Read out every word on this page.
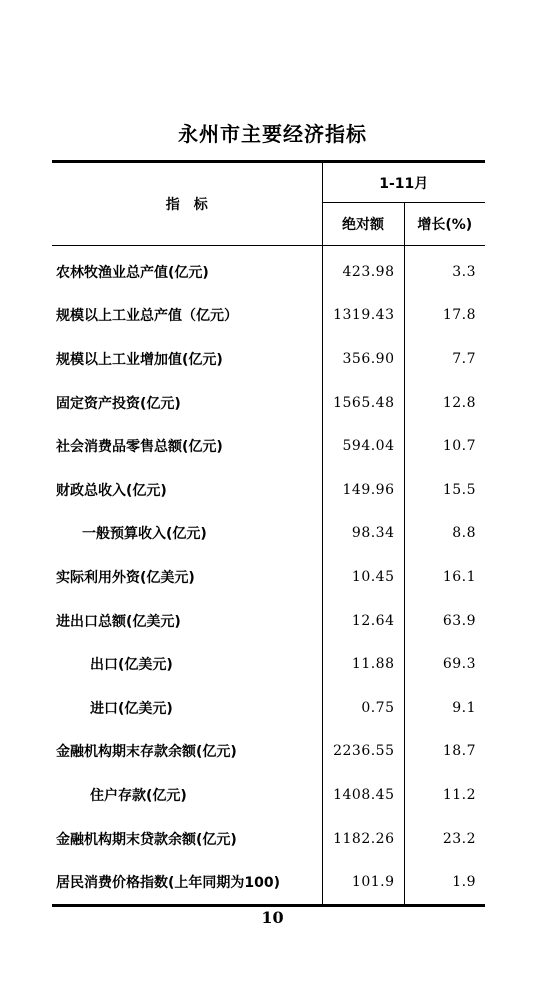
永州市主要经济指标
指　标	1-11月	
	绝对额	增长(%)
农林牧渔业总产值(亿元)	423.98	3.3
规模以上工业总产值（亿元）	1319.43	17.8
规模以上工业增加值(亿元)	356.90	7.7
固定资产投资(亿元)	1565.48	12.8
社会消费品零售总额(亿元)	594.04	10.7
财政总收入(亿元)	149.96	15.5
一般预算收入(亿元)	98.34	8.8
实际利用外资(亿美元)	10.45	16.1
进出口总额(亿美元)	12.64	63.9
出口(亿美元)	11.88	69.3
进口(亿美元)	0.75	9.1
金融机构期末存款余额(亿元)	2236.55	18.7
住户存款(亿元)	1408.45	11.2
金融机构期末贷款余额(亿元)	1182.26	23.2
居民消费价格指数(上年同期为100)	101.9	1.9
10
